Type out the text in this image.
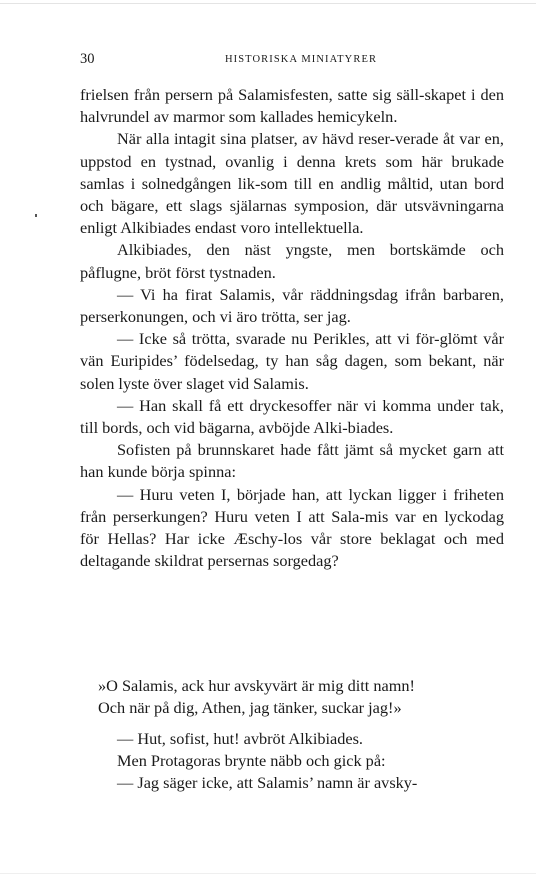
30	HISTORISKA MINIATYRER

frielsen från persern på Salamisfesten, satte sig säll-skapet i den halvrundel av marmor som kallades hemicykeln.

När alla intagit sina platser, av hävd reser-verade åt var en, uppstod en tystnad, ovanlig i denna krets som här brukade samlas i solnedgången lik-som till en andlig måltid, utan bord och bägare, ett slags själarnas symposion, där utsvävningarna enligt Alkibiades endast voro intellektuella.

Alkibiades, den näst yngste, men bortskämde och påflugne, bröt först tystnaden.

— Vi ha firat Salamis, vår räddningsdag ifrån barbaren, perserkonungen, och vi äro trötta, ser jag.

— Icke så trötta, svarade nu Perikles, att vi för-glömt vår vän Euripides’ födelsedag, ty han såg dagen, som bekant, när solen lyste över slaget vid Salamis.

— Han skall få ett dryckesoffer när vi komma under tak, till bords, och vid bägarna, avböjde Alki-biades.

Sofisten på brunnskaret hade fått jämt så mycket garn att han kunde börja spinna:

— Huru veten I, började han, att lyckan ligger i friheten från perserkungen? Huru veten I att Sala-mis var en lyckodag för Hellas? Har icke Æschy-los vår store beklagat och med deltagande skildrat persernas sorgedag?

»O Salamis, ack hur avskyvärt är mig ditt namn!
Och när på dig, Athen, jag tänker, suckar jag!»

— Hut, sofist, hut! avbröt Alkibiades.

Men Protagoras brynte näbb och gick på:

— Jag säger icke, att Salamis’ namn är avsky-
